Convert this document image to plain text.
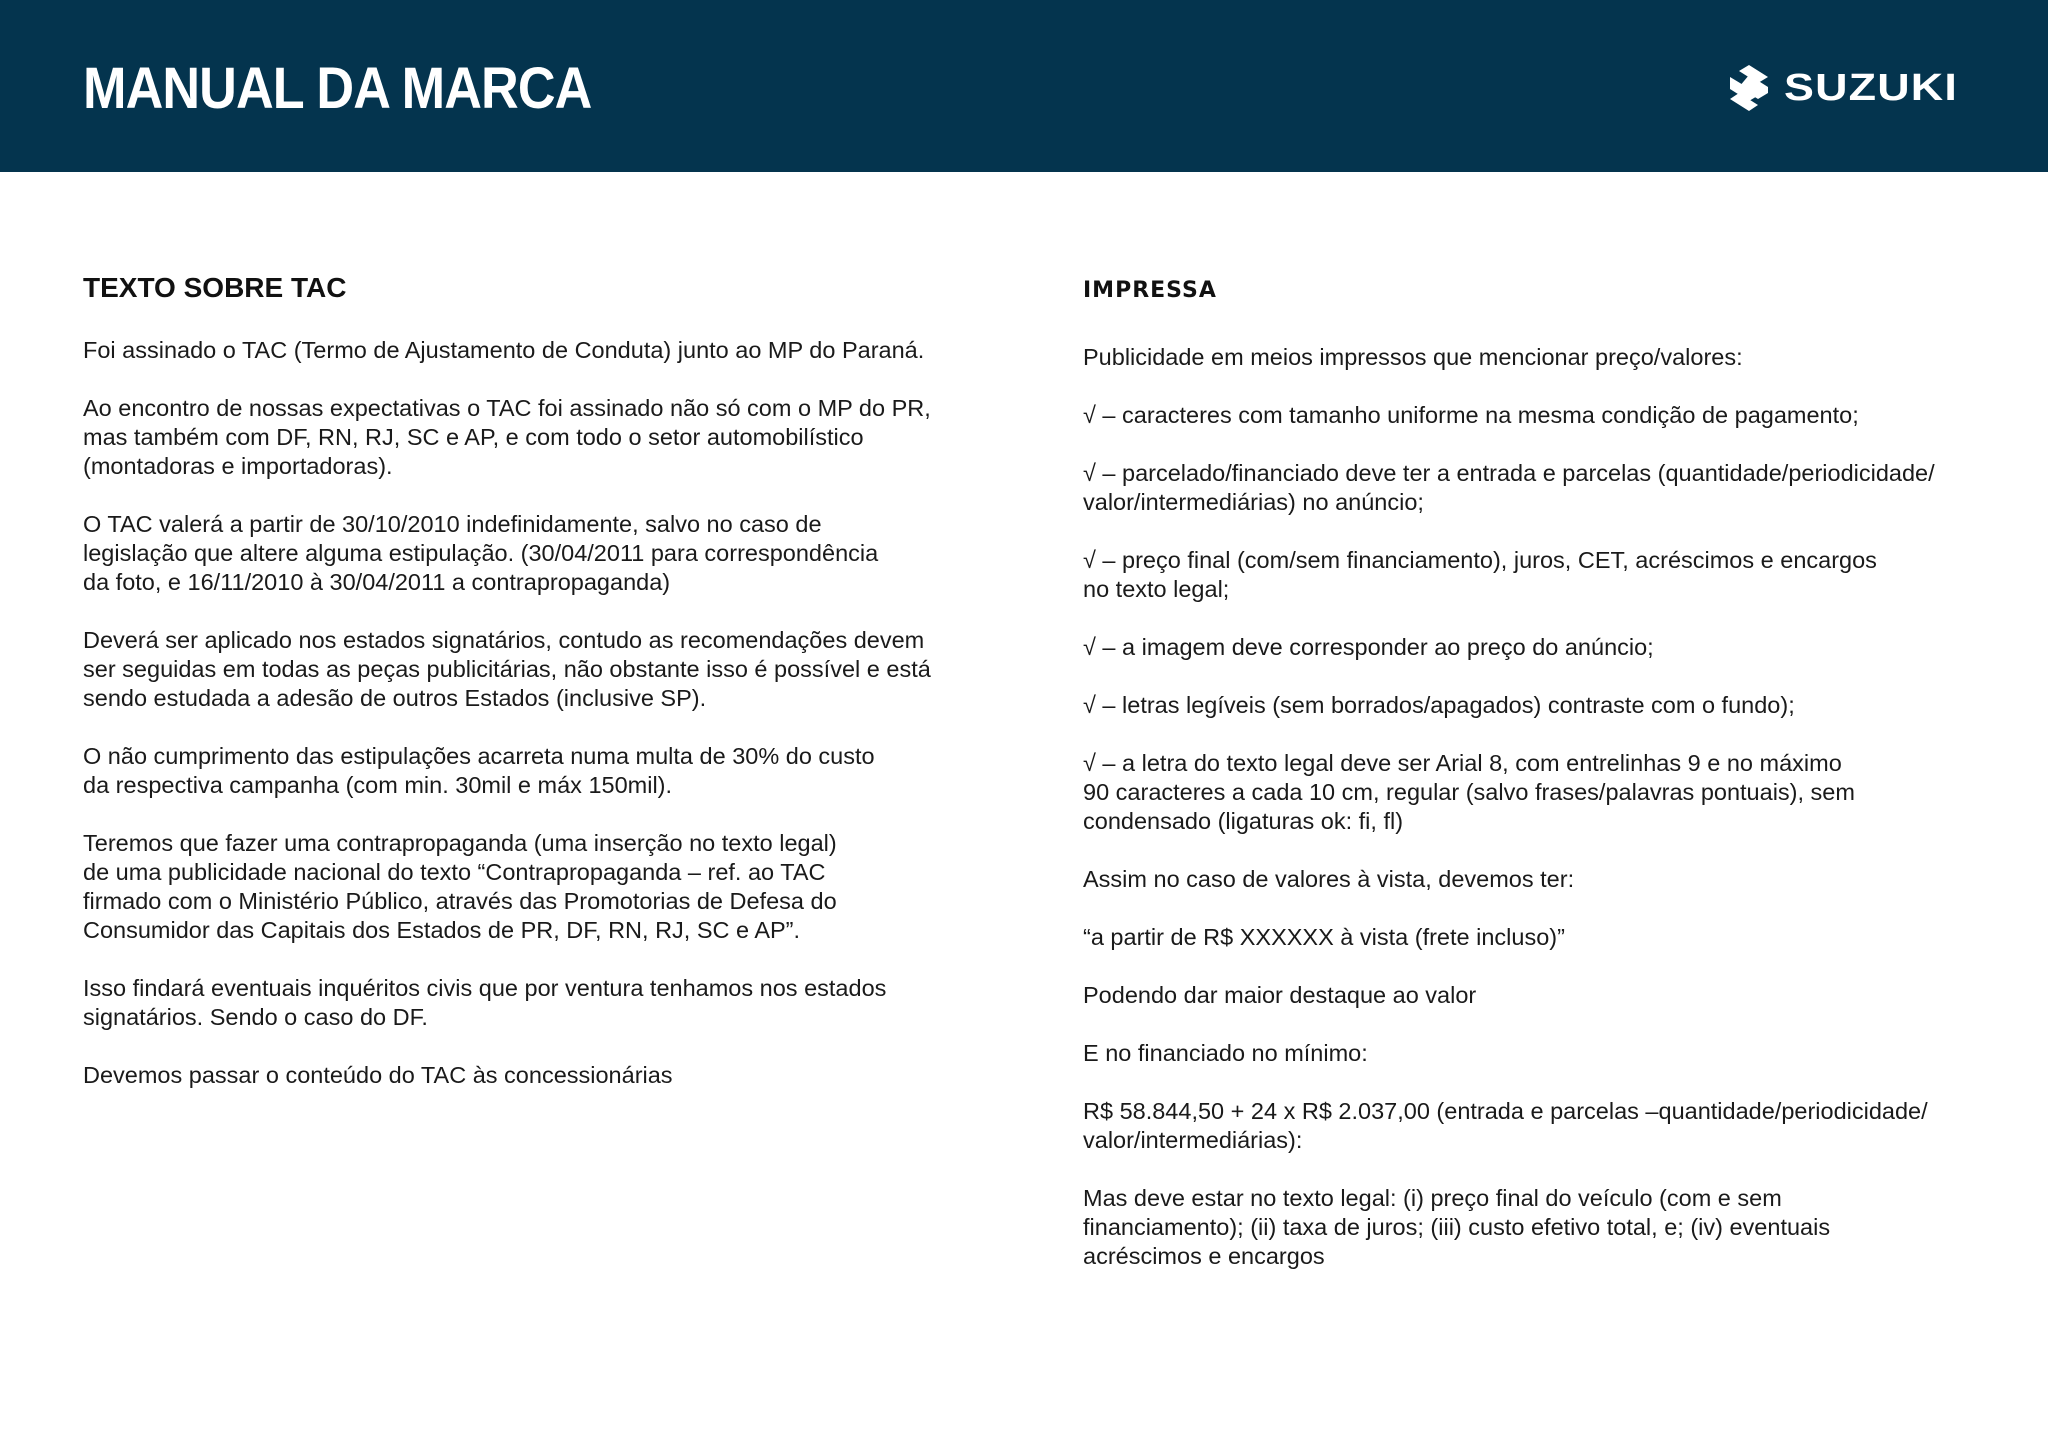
MANUAL DA MARCA	SUZUKI
TEXTO SOBRE TAC

Foi assinado o TAC (Termo de Ajustamento de Conduta) junto ao MP do Paraná.

Ao encontro de nossas expectativas o TAC foi assinado não só com o MP do PR,
mas também com DF, RN, RJ, SC e AP, e com todo o setor automobilístico
(montadoras e importadoras).

O TAC valerá a partir de 30/10/2010 indefinidamente, salvo no caso de
legislação que altere alguma estipulação. (30/04/2011 para correspondência
da foto, e 16/11/2010 à 30/04/2011 a contrapropaganda)

Deverá ser aplicado nos estados signatários, contudo as recomendações devem
ser seguidas em todas as peças publicitárias, não obstante isso é possível e está
sendo estudada a adesão de outros Estados (inclusive SP).

O não cumprimento das estipulações acarreta numa multa de 30% do custo
da respectiva campanha (com min. 30mil e máx 150mil).

Teremos que fazer uma contrapropaganda (uma inserção no texto legal)
de uma publicidade nacional do texto “Contrapropaganda – ref. ao TAC
firmado com o Ministério Público, através das Promotorias de Defesa do
Consumidor das Capitais dos Estados de PR, DF, RN, RJ, SC e AP”.

Isso findará eventuais inquéritos civis que por ventura tenhamos nos estados
signatários. Sendo o caso do DF.

Devemos passar o conteúdo do TAC às concessionárias

IMPRESSA

Publicidade em meios impressos que mencionar preço/valores:

√ – caracteres com tamanho uniforme na mesma condição de pagamento;

√ – parcelado/financiado deve ter a entrada e parcelas (quantidade/periodicidade/
valor/intermediárias) no anúncio;

√ – preço final (com/sem financiamento), juros, CET, acréscimos e encargos
no texto legal;

√ – a imagem deve corresponder ao preço do anúncio;

√ – letras legíveis (sem borrados/apagados) contraste com o fundo);

√ – a letra do texto legal deve ser Arial 8, com entrelinhas 9 e no máximo
90 caracteres a cada 10 cm, regular (salvo frases/palavras pontuais), sem
condensado (ligaturas ok: fi, fl)

Assim no caso de valores à vista, devemos ter:

“a partir de R$ XXXXXX à vista (frete incluso)”

Podendo dar maior destaque ao valor

E no financiado no mínimo:

R$ 58.844,50 + 24 x R$ 2.037,00 (entrada e parcelas –quantidade/periodicidade/
valor/intermediárias):

Mas deve estar no texto legal: (i) preço final do veículo (com e sem
financiamento); (ii) taxa de juros; (iii) custo efetivo total, e; (iv) eventuais
acréscimos e encargos
